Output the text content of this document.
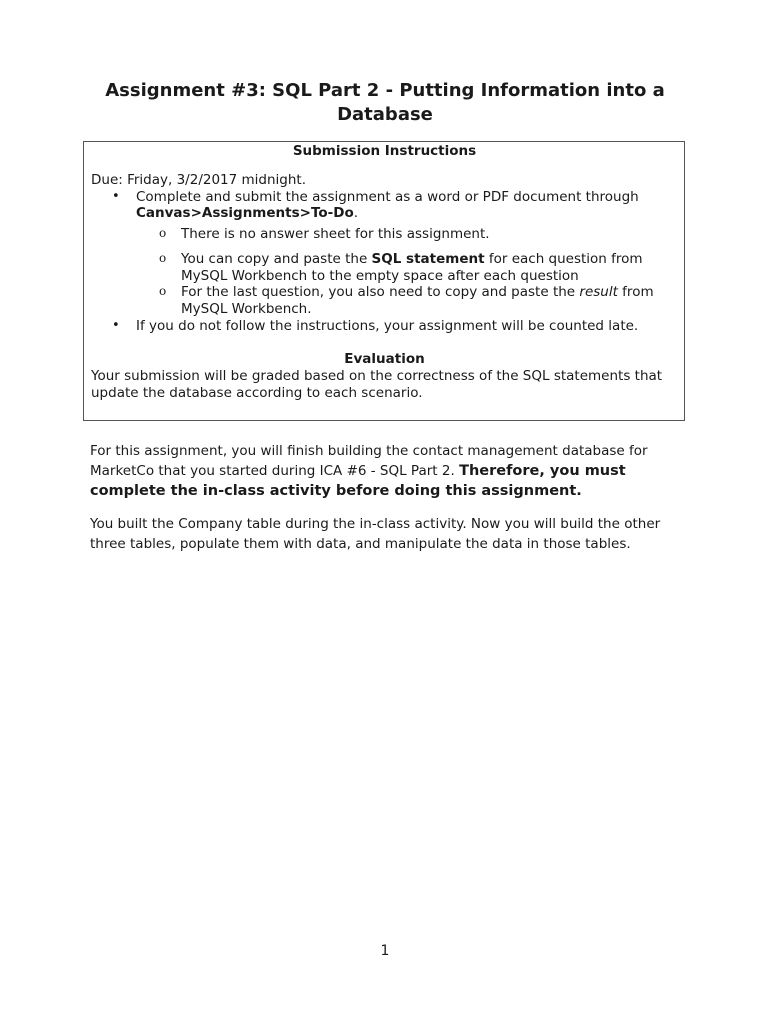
Assignment #3: SQL Part 2 - Putting Information into a Database
Submission Instructions
Due: Friday, 3/2/2017 midnight.
• Complete and submit the assignment as a word or PDF document through Canvas>Assignments>To-Do.
o There is no answer sheet for this assignment.
o You can copy and paste the SQL statement for each question from MySQL Workbench to the empty space after each question
o For the last question, you also need to copy and paste the result from MySQL Workbench.
• If you do not follow the instructions, your assignment will be counted late.
Evaluation
Your submission will be graded based on the correctness of the SQL statements that update the database according to each scenario.
For this assignment, you will finish building the contact management database for MarketCo that you started during ICA #6 - SQL Part 2. Therefore, you must complete the in-class activity before doing this assignment.
You built the Company table during the in-class activity. Now you will build the other three tables, populate them with data, and manipulate the data in those tables.
1
